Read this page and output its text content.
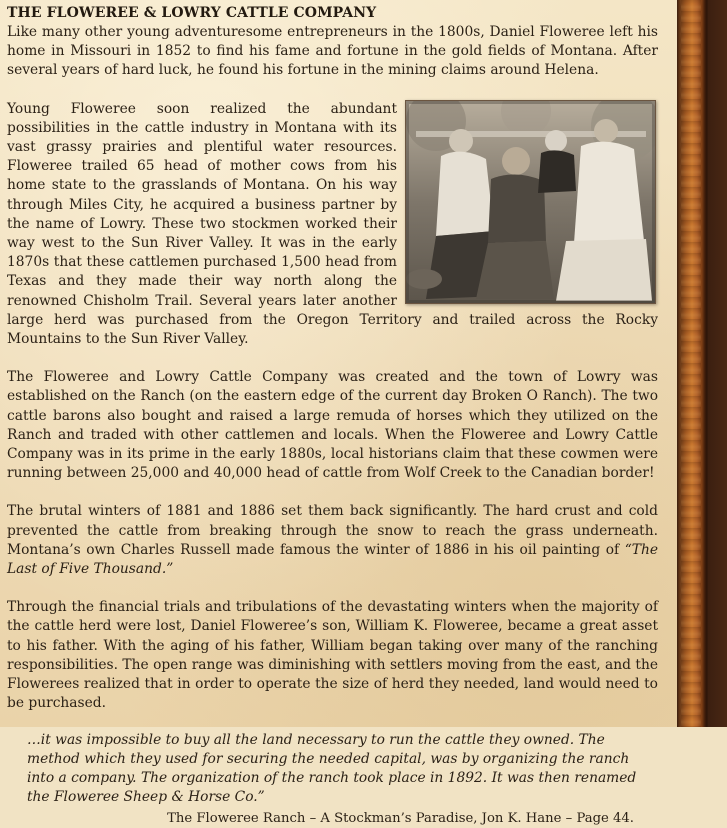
THE FLOWEREE & LOWRY CATTLE COMPANY

Like many other young adventuresome entrepreneurs in the 1800s, Daniel Floweree left his home in Missouri in 1852 to find his fame and fortune in the gold fields of Montana. After several years of hard luck, he found his fortune in the mining claims around Helena.

Young Floweree soon realized the abundant possibilities in the cattle industry in Montana with its vast grassy prairies and plentiful water resources. Floweree trailed 65 head of mother cows from his home state to the grasslands of Montana. On his way through Miles City, he acquired a business partner by the name of Lowry. These two stockmen worked their way west to the Sun River Valley. It was in the early 1870s that these cattlemen purchased 1,500 head from Texas and they made their way north along the renowned Chisholm Trail. Several years later another large herd was purchased from the Oregon Territory and trailed across the Rocky Mountains to the Sun River Valley.

The Floweree and Lowry Cattle Company was created and the town of Lowry was established on the Ranch (on the eastern edge of the current day Broken O Ranch). The two cattle barons also bought and raised a large remuda of horses which they utilized on the Ranch and traded with other cattlemen and locals. When the Floweree and Lowry Cattle Company was in its prime in the early 1880s, local historians claim that these cowmen were running between 25,000 and 40,000 head of cattle from Wolf Creek to the Canadian border!

The brutal winters of 1881 and 1886 set them back significantly. The hard crust and cold prevented the cattle from breaking through the snow to reach the grass underneath. Montana’s own Charles Russell made famous the winter of 1886 in his oil painting of “The Last of Five Thousand.”

Through the financial trials and tribulations of the devastating winters when the majority of the cattle herd were lost, Daniel Floweree’s son, William K. Floweree, became a great asset to his father. With the aging of his father, William began taking over many of the ranching responsibilities. The open range was diminishing with settlers moving from the east, and the Flowerees realized that in order to operate the size of herd they needed, land would need to be purchased.

…it was impossible to buy all the land necessary to run the cattle they owned. The method which they used for securing the needed capital, was by organizing the ranch into a company. The organization of the ranch took place in 1892. It was then renamed the Floweree Sheep & Horse Co.”
The Floweree Ranch – A Stockman’s Paradise, Jon K. Hane – Page 44.
